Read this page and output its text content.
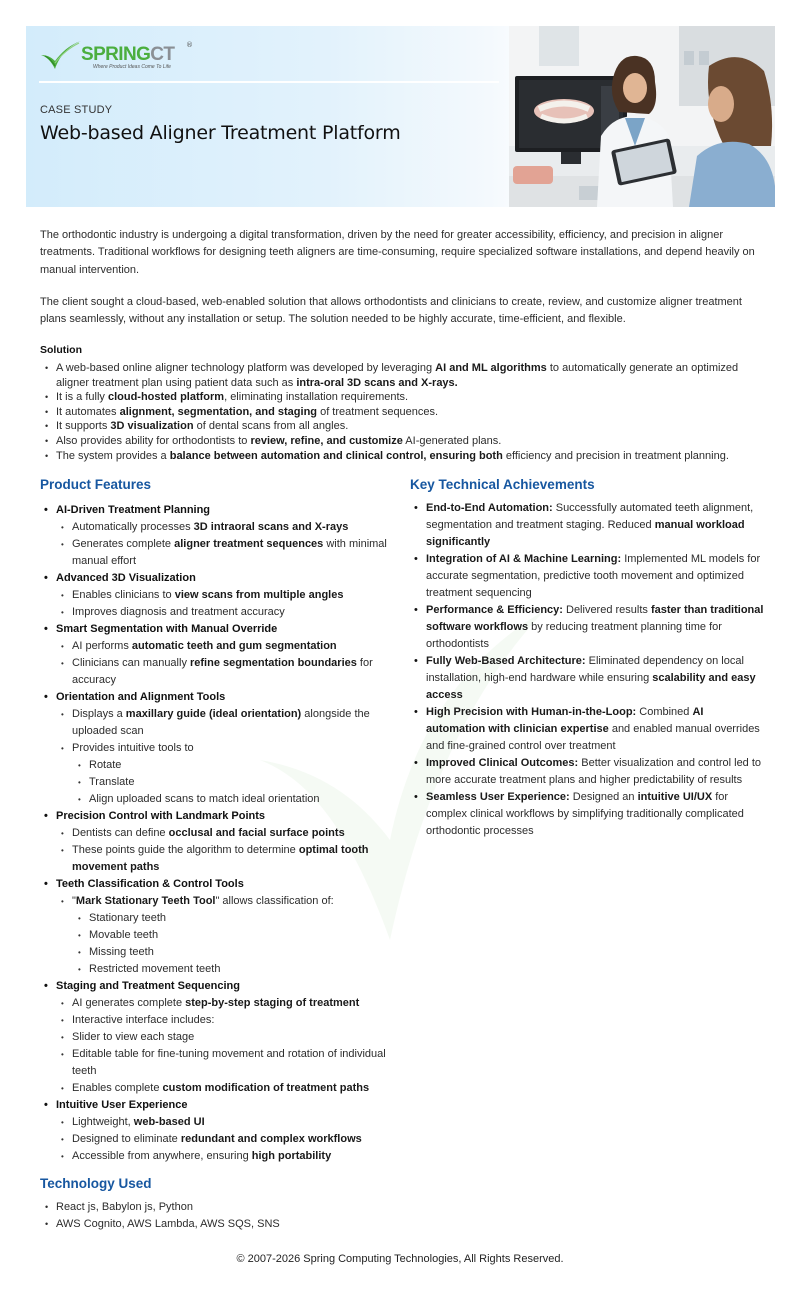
SPRINGCT ®
Where Product Ideas Come To Life
CASE STUDY
Web-based Aligner Treatment Platform

The orthodontic industry is undergoing a digital transformation, driven by the need for greater accessibility, efficiency, and precision in aligner treatments. Traditional workflows for designing teeth aligners are time-consuming, require specialized software installations, and depend heavily on manual intervention.

The client sought a cloud-based, web-enabled solution that allows orthodontists and clinicians to create, review, and customize aligner treatment plans seamlessly, without any installation or setup. The solution needed to be highly accurate, time-efficient, and flexible.

Solution
• A web-based online aligner technology platform was developed by leveraging AI and ML algorithms to automatically generate an optimized aligner treatment plan using patient data such as intra-oral 3D scans and X-rays.
• It is a fully cloud-hosted platform, eliminating installation requirements.
• It automates alignment, segmentation, and staging of treatment sequences.
• It supports 3D visualization of dental scans from all angles.
• Also provides ability for orthodontists to review, refine, and customize AI-generated plans.
• The system provides a balance between automation and clinical control, ensuring both efficiency and precision in treatment planning.
Product Features
• AI-Driven Treatment Planning
• Automatically processes 3D intraoral scans and X-rays
• Generates complete aligner treatment sequences with minimal manual effort
• Advanced 3D Visualization
• Enables clinicians to view scans from multiple angles
• Improves diagnosis and treatment accuracy
• Smart Segmentation with Manual Override
• AI performs automatic teeth and gum segmentation
• Clinicians can manually refine segmentation boundaries for accuracy
• Orientation and Alignment Tools
• Displays a maxillary guide (ideal orientation) alongside the uploaded scan
• Provides intuitive tools to
• Rotate
• Translate
• Align uploaded scans to match ideal orientation
• Precision Control with Landmark Points
• Dentists can define occlusal and facial surface points
• These points guide the algorithm to determine optimal tooth movement paths
• Teeth Classification & Control Tools
• "Mark Stationary Teeth Tool" allows classification of:
• Stationary teeth
• Movable teeth
• Missing teeth
• Restricted movement teeth
• Staging and Treatment Sequencing
• AI generates complete step-by-step staging of treatment
• Interactive interface includes:
• Slider to view each stage
• Editable table for fine-tuning movement and rotation of individual teeth
• Enables complete custom modification of treatment paths
• Intuitive User Experience
• Lightweight, web-based UI
• Designed to eliminate redundant and complex workflows
• Accessible from anywhere, ensuring high portability
Key Technical Achievements
• End-to-End Automation: Successfully automated teeth alignment, segmentation and treatment staging. Reduced manual workload significantly
• Integration of AI & Machine Learning: Implemented ML models for accurate segmentation, predictive tooth movement and optimized treatment sequencing
• Performance & Efficiency: Delivered results faster than traditional software workflows by reducing treatment planning time for orthodontists
• Fully Web-Based Architecture: Eliminated dependency on local installation, high-end hardware while ensuring scalability and easy access
• High Precision with Human-in-the-Loop: Combined AI automation with clinician expertise and enabled manual overrides and fine-grained control over treatment
• Improved Clinical Outcomes: Better visualization and control led to more accurate treatment plans and higher predictability of results
• Seamless User Experience: Designed an intuitive UI/UX for complex clinical workflows by simplifying traditionally complicated orthodontic processes
Technology Used
• React js, Babylon js, Python
• AWS Cognito, AWS Lambda, AWS SQS, SNS
© 2007-2026 Spring Computing Technologies, All Rights Reserved.
